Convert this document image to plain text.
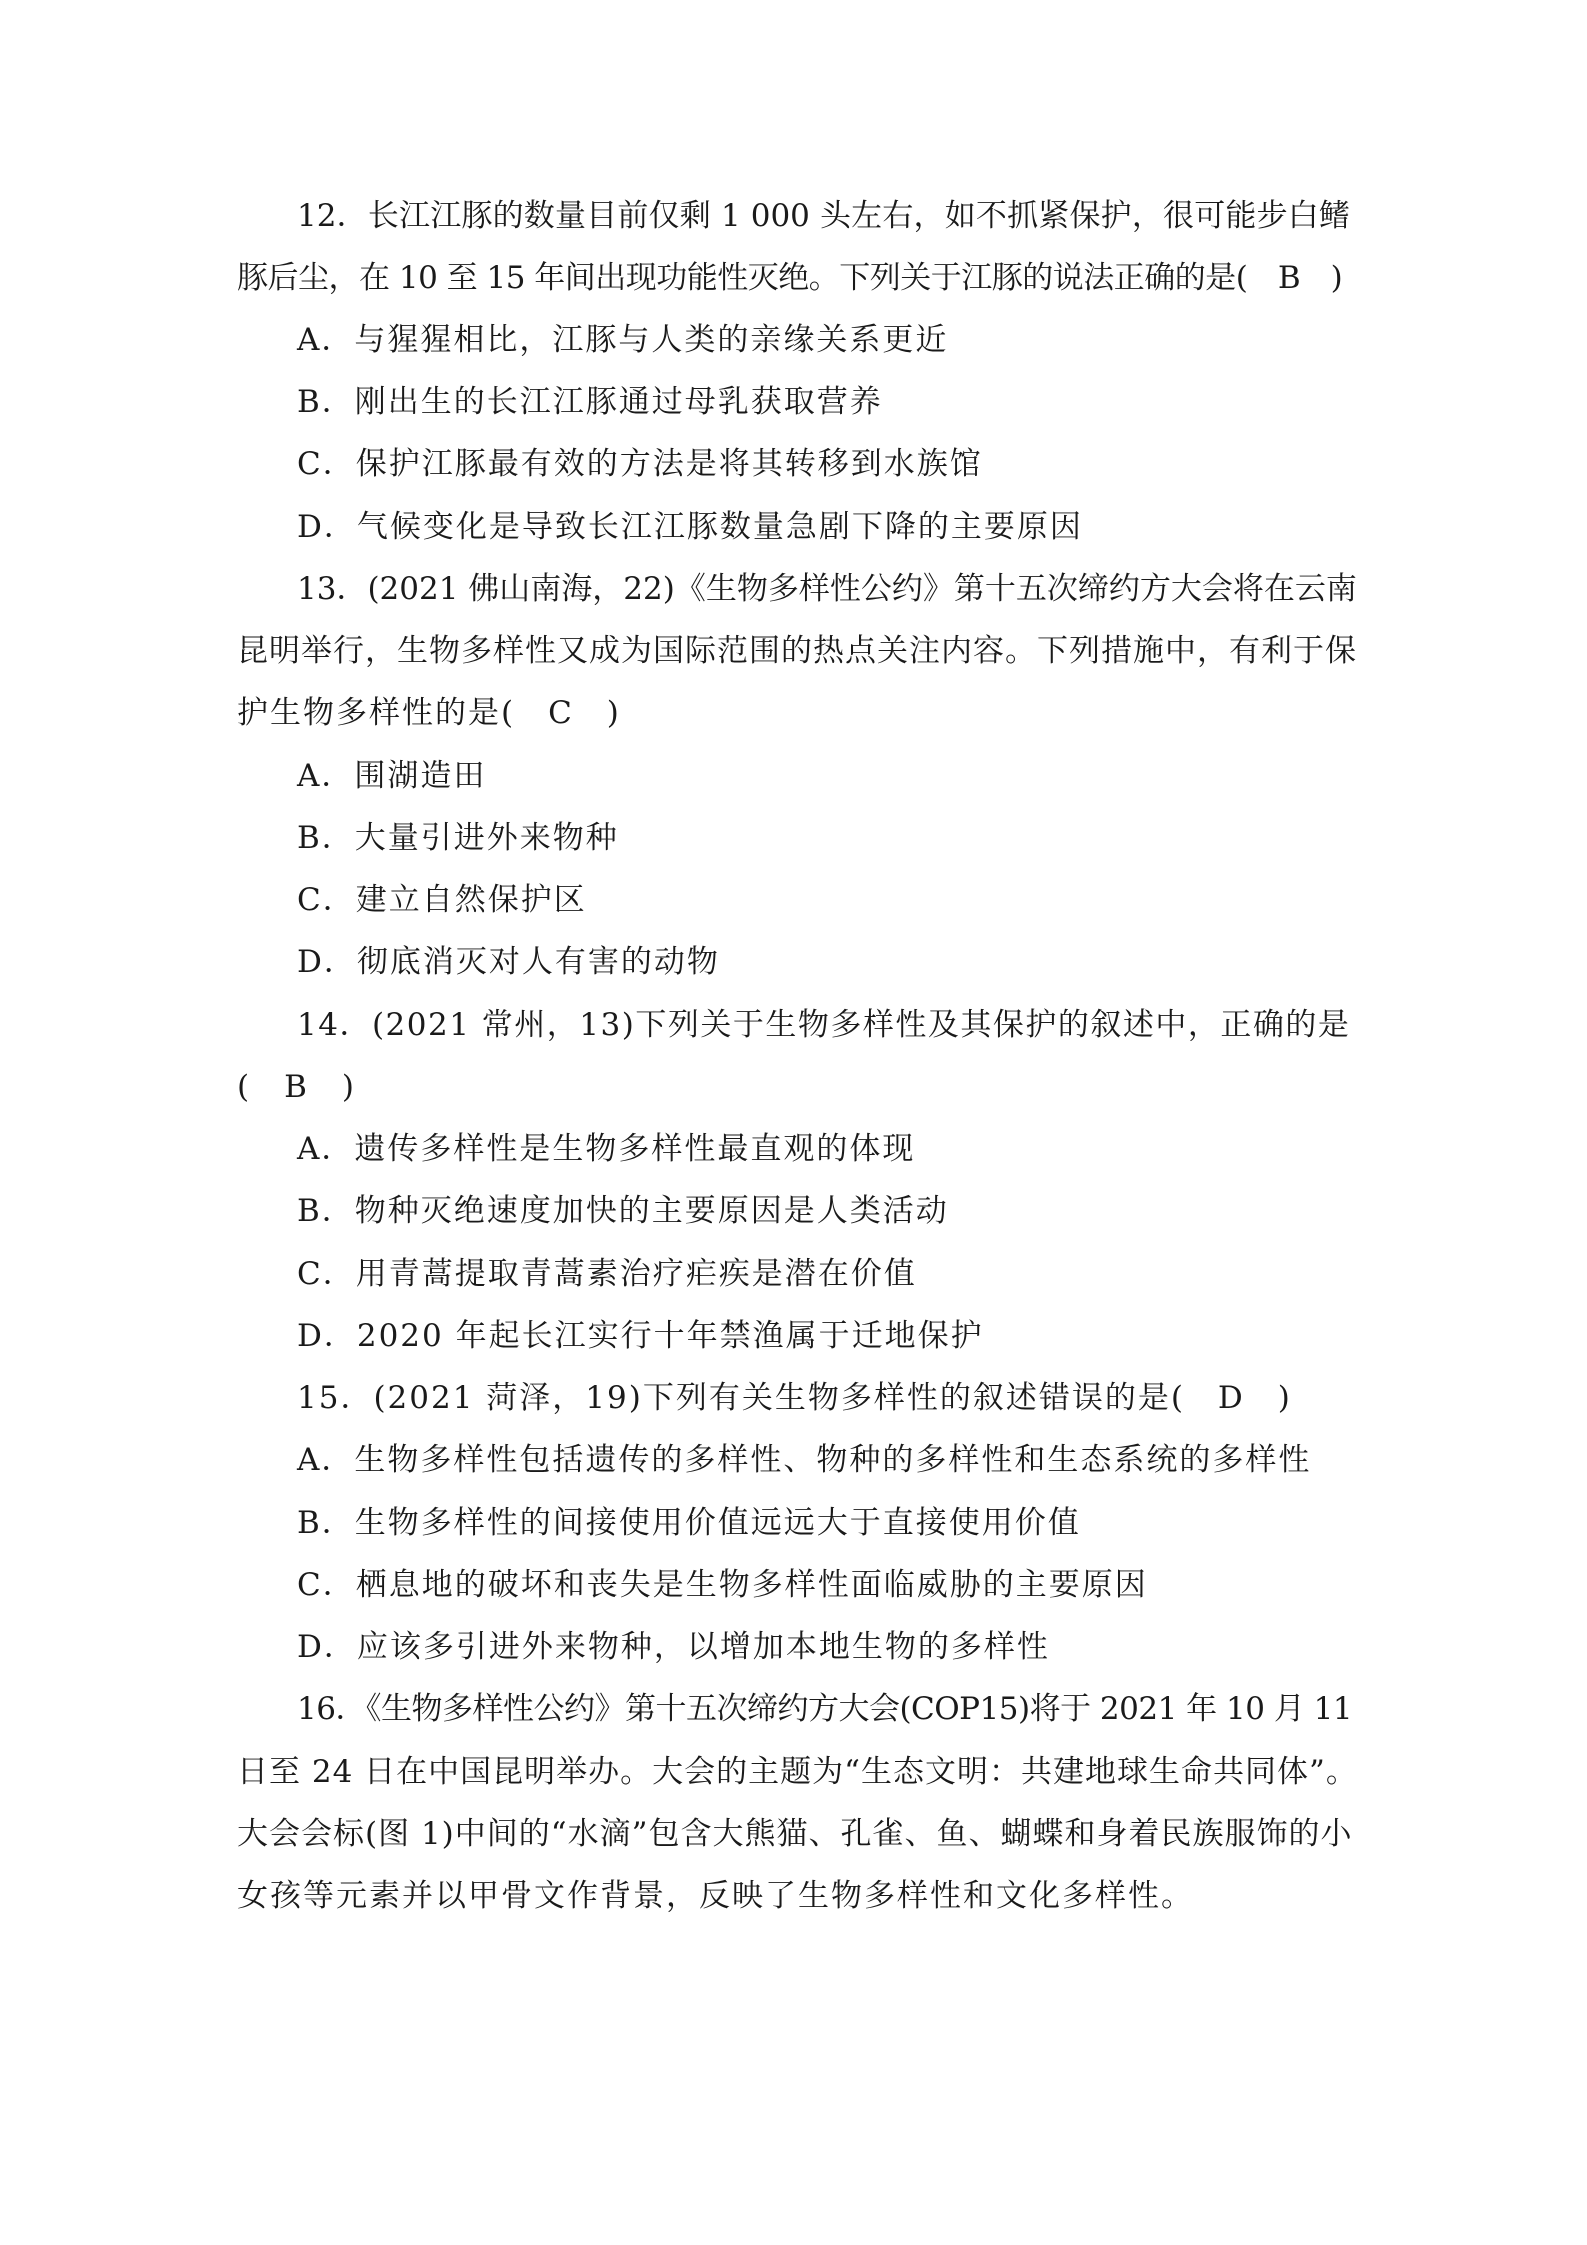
12．长江江豚的数量目前仅剩 1 000 头左右，如不抓紧保护，很可能步白鳍
豚后尘，在 10 至 15 年间出现功能性灭绝。下列关于江豚的说法正确的是(　B　)
A．与猩猩相比，江豚与人类的亲缘关系更近
B．刚出生的长江江豚通过母乳获取营养
C．保护江豚最有效的方法是将其转移到水族馆
D．气候变化是导致长江江豚数量急剧下降的主要原因
13．(2021 佛山南海，22)《生物多样性公约》第十五次缔约方大会将在云南
昆明举行，生物多样性又成为国际范围的热点关注内容。下列措施中，有利于保
护生物多样性的是(　C　)
A．围湖造田
B．大量引进外来物种
C．建立自然保护区
D．彻底消灭对人有害的动物
14．(2021 常州，13)下列关于生物多样性及其保护的叙述中，正确的是
(　B　)
A．遗传多样性是生物多样性最直观的体现
B．物种灭绝速度加快的主要原因是人类活动
C．用青蒿提取青蒿素治疗疟疾是潜在价值
D．2020 年起长江实行十年禁渔属于迁地保护
15．(2021 菏泽，19)下列有关生物多样性的叙述错误的是(　D　)
A．生物多样性包括遗传的多样性、物种的多样性和生态系统的多样性
B．生物多样性的间接使用价值远远大于直接使用价值
C．栖息地的破坏和丧失是生物多样性面临威胁的主要原因
D．应该多引进外来物种，以增加本地生物的多样性
16．《生物多样性公约》第十五次缔约方大会(COP15)将于 2021 年 10 月 11
日至 24 日在中国昆明举办。大会的主题为“生态文明：共建地球生命共同体”。
大会会标(图 1)中间的“水滴”包含大熊猫、孔雀、鱼、蝴蝶和身着民族服饰的小
女孩等元素并以甲骨文作背景，反映了生物多样性和文化多样性。
